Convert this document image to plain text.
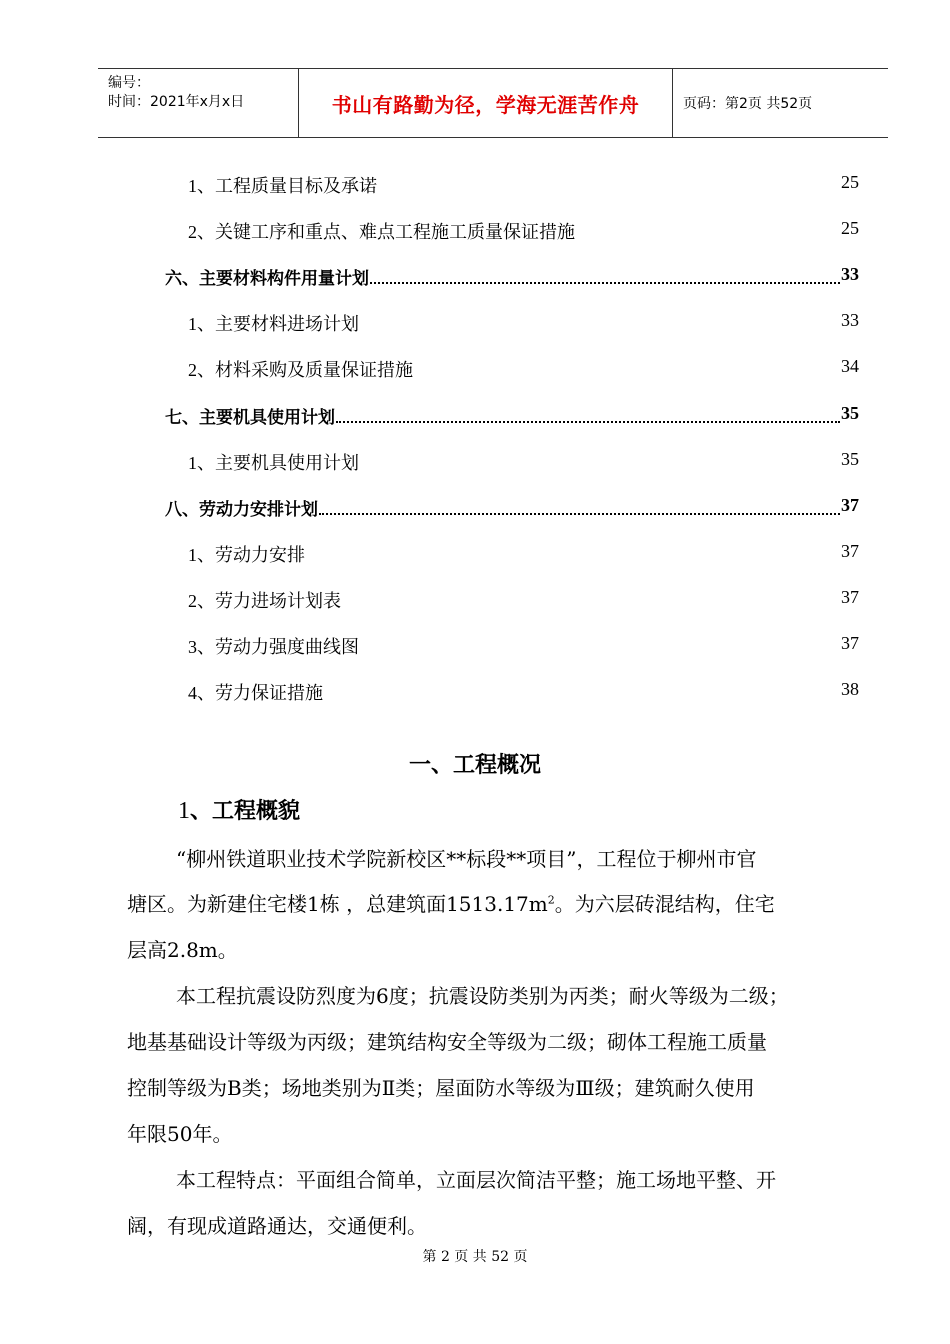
编号：
时间：2021年x月x日	书山有路勤为径，学海无涯苦作舟	页码：第2页 共52页
1、工程质量目标及承诺	25
2、关键工序和重点、难点工程施工质量保证措施	25
六、主要材料构件用量计划	33
1、主要材料进场计划	33
2、材料采购及质量保证措施	34
七、主要机具使用计划	35
1、主要机具使用计划	35
八、劳动力安排计划	37
1、劳动力安排	37
2、劳力进场计划表	37
3、劳动力强度曲线图	37
4、劳力保证措施	38
一、工程概况
1、工程概貌
“柳州铁道职业技术学院新校区**标段**项目”，工程位于柳州市官
塘区。为新建住宅楼1栋 ，总建筑面$1513.17m^2$。为六层砖混结构，住宅
层高2.8m。
本工程抗震设防烈度为6度；抗震设防类别为丙类；耐火等级为二级；
地基基础设计等级为丙级；建筑结构安全等级为二级；砌体工程施工质量
控制等级为B类；场地类别为Ⅱ类；屋面防水等级为Ⅲ级；建筑耐久使用
年限50年。
本工程特点：平面组合简单，立面层次简洁平整；施工场地平整、开
阔，有现成道路通达，交通便利。
第 2 页 共 52 页
